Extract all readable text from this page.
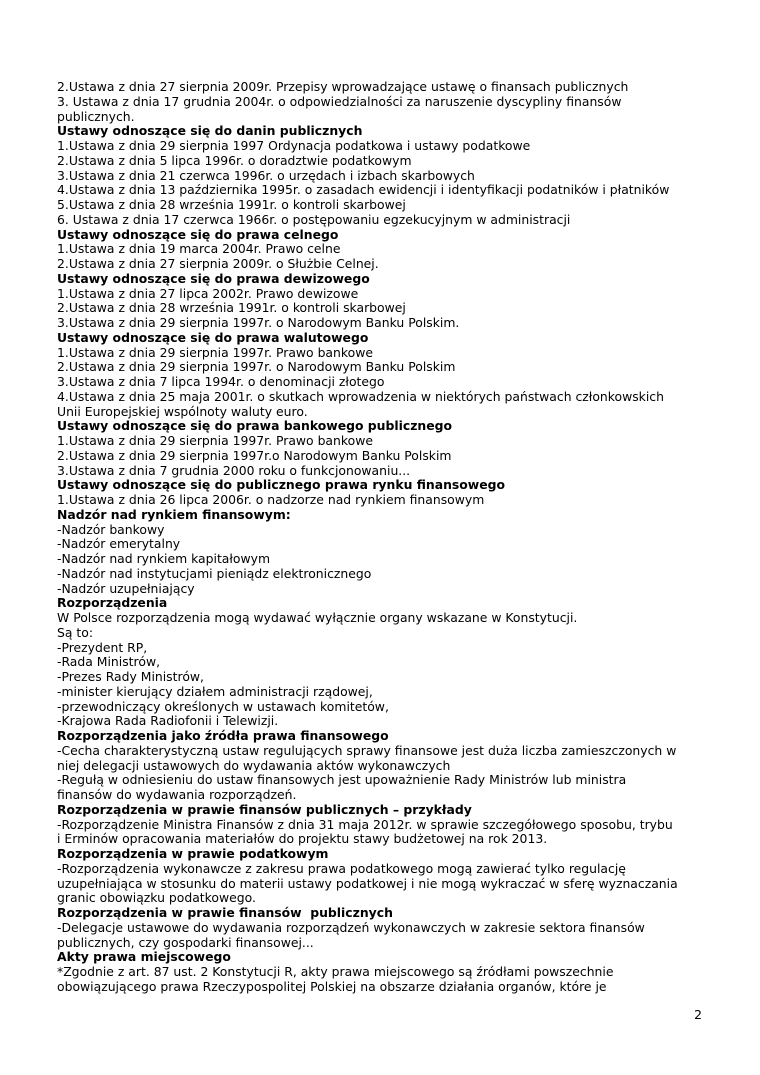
2.Ustawa z dnia 27 sierpnia 2009r. Przepisy wprowadzające ustawę o finansach publicznych
3. Ustawa z dnia 17 grudnia 2004r. o odpowiedzialności za naruszenie dyscypliny finansów
publicznych.
Ustawy odnoszące się do danin publicznych
1.Ustawa z dnia 29 sierpnia 1997 Ordynacja podatkowa i ustawy podatkowe
2.Ustawa z dnia 5 lipca 1996r. o doradztwie podatkowym
3.Ustawa z dnia 21 czerwca 1996r. o urzędach i izbach skarbowych
4.Ustawa z dnia 13 października 1995r. o zasadach ewidencji i identyfikacji podatników i płatników
5.Ustawa z dnia 28 września 1991r. o kontroli skarbowej
6. Ustawa z dnia 17 czerwca 1966r. o postępowaniu egzekucyjnym w administracji
Ustawy odnoszące się do prawa celnego
1.Ustawa z dnia 19 marca 2004r. Prawo celne
2.Ustawa z dnia 27 sierpnia 2009r. o Służbie Celnej.
Ustawy odnoszące się do prawa dewizowego
1.Ustawa z dnia 27 lipca 2002r. Prawo dewizowe
2.Ustawa z dnia 28 września 1991r. o kontroli skarbowej
3.Ustawa z dnia 29 sierpnia 1997r. o Narodowym Banku Polskim.
Ustawy odnoszące się do prawa walutowego
1.Ustawa z dnia 29 sierpnia 1997r. Prawo bankowe
2.Ustawa z dnia 29 sierpnia 1997r. o Narodowym Banku Polskim
3.Ustawa z dnia 7 lipca 1994r. o denominacji złotego
4.Ustawa z dnia 25 maja 2001r. o skutkach wprowadzenia w niektórych państwach członkowskich
Unii Europejskiej wspólnoty waluty euro.
Ustawy odnoszące się do prawa bankowego publicznego
1.Ustawa z dnia 29 sierpnia 1997r. Prawo bankowe
2.Ustawa z dnia 29 sierpnia 1997r.o Narodowym Banku Polskim
3.Ustawa z dnia 7 grudnia 2000 roku o funkcjonowaniu...
Ustawy odnoszące się do publicznego prawa rynku finansowego
1.Ustawa z dnia 26 lipca 2006r. o nadzorze nad rynkiem finansowym
Nadzór nad rynkiem finansowym:
-Nadzór bankowy
-Nadzór emerytalny
-Nadzór nad rynkiem kapitałowym
-Nadzór nad instytucjami pieniądz elektronicznego
-Nadzór uzupełniający
Rozporządzenia
W Polsce rozporządzenia mogą wydawać wyłącznie organy wskazane w Konstytucji.
Są to:
-Prezydent RP,
-Rada Ministrów,
-Prezes Rady Ministrów,
-minister kierujący działem administracji rządowej,
-przewodniczący określonych w ustawach komitetów,
-Krajowa Rada Radiofonii i Telewizji.
Rozporządzenia jako źródła prawa finansowego
-Cecha charakterystyczną ustaw regulujących sprawy finansowe jest duża liczba zamieszczonych w
niej delegacji ustawowych do wydawania aktów wykonawczych
-Regułą w odniesieniu do ustaw finansowych jest upoważnienie Rady Ministrów lub ministra
finansów do wydawania rozporządzeń.
Rozporządzenia w prawie finansów publicznych – przykłady
-Rozporządzenie Ministra Finansów z dnia 31 maja 2012r. w sprawie szczegółowego sposobu, trybu
i Erminów opracowania materiałów do projektu stawy budżetowej na rok 2013.
Rozporządzenia w prawie podatkowym
-Rozporządzenia wykonawcze z zakresu prawa podatkowego mogą zawierać tylko regulację
uzupełniająca w stosunku do materii ustawy podatkowej i nie mogą wykraczać w sferę wyznaczania
granic obowiązku podatkowego.
Rozporządzenia w prawie finansów  publicznych
-Delegacje ustawowe do wydawania rozporządzeń wykonawczych w zakresie sektora finansów
publicznych, czy gospodarki finansowej...
Akty prawa miejscowego
*Zgodnie z art. 87 ust. 2 Konstytucji R, akty prawa miejscowego są źródłami powszechnie
obowiązującego prawa Rzeczypospolitej Polskiej na obszarze działania organów, które je
2
